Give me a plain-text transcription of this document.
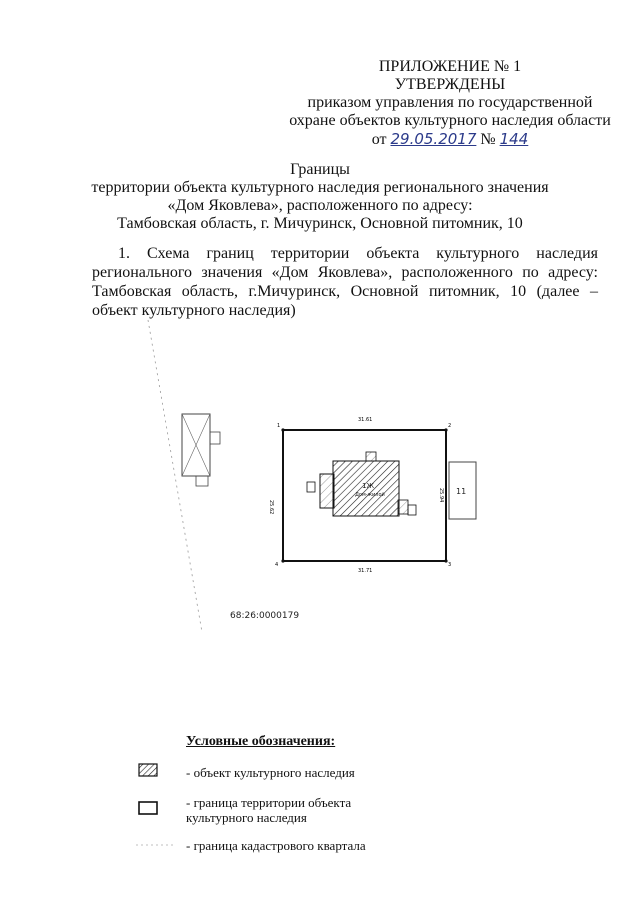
ПРИЛОЖЕНИЕ № 1
УТВЕРЖДЕНЫ
приказом управления по государственной
охране объектов культурного наследия области
от 29.05.2017 № 144
Границы
территории объекта культурного наследия регионального значения
«Дом Яковлева», расположенного по адресу:
Тамбовская область, г. Мичуринск, Основной питомник, 10
1. Схема границ территории объекта культурного наследия регионального значения «Дом Яковлева», расположенного по адресу: Тамбовская область, г.Мичуринск, Основной питомник, 10 (далее – объект культурного наследия)
1	2
3
4
31.61
31.71
25.62
25.94
1Ж
Дом-жилой	11
68:26:0000179
Условные обозначения:
- объект культурного наследия
- граница территории объекта культурного наследия
- граница кадастрового квартала
